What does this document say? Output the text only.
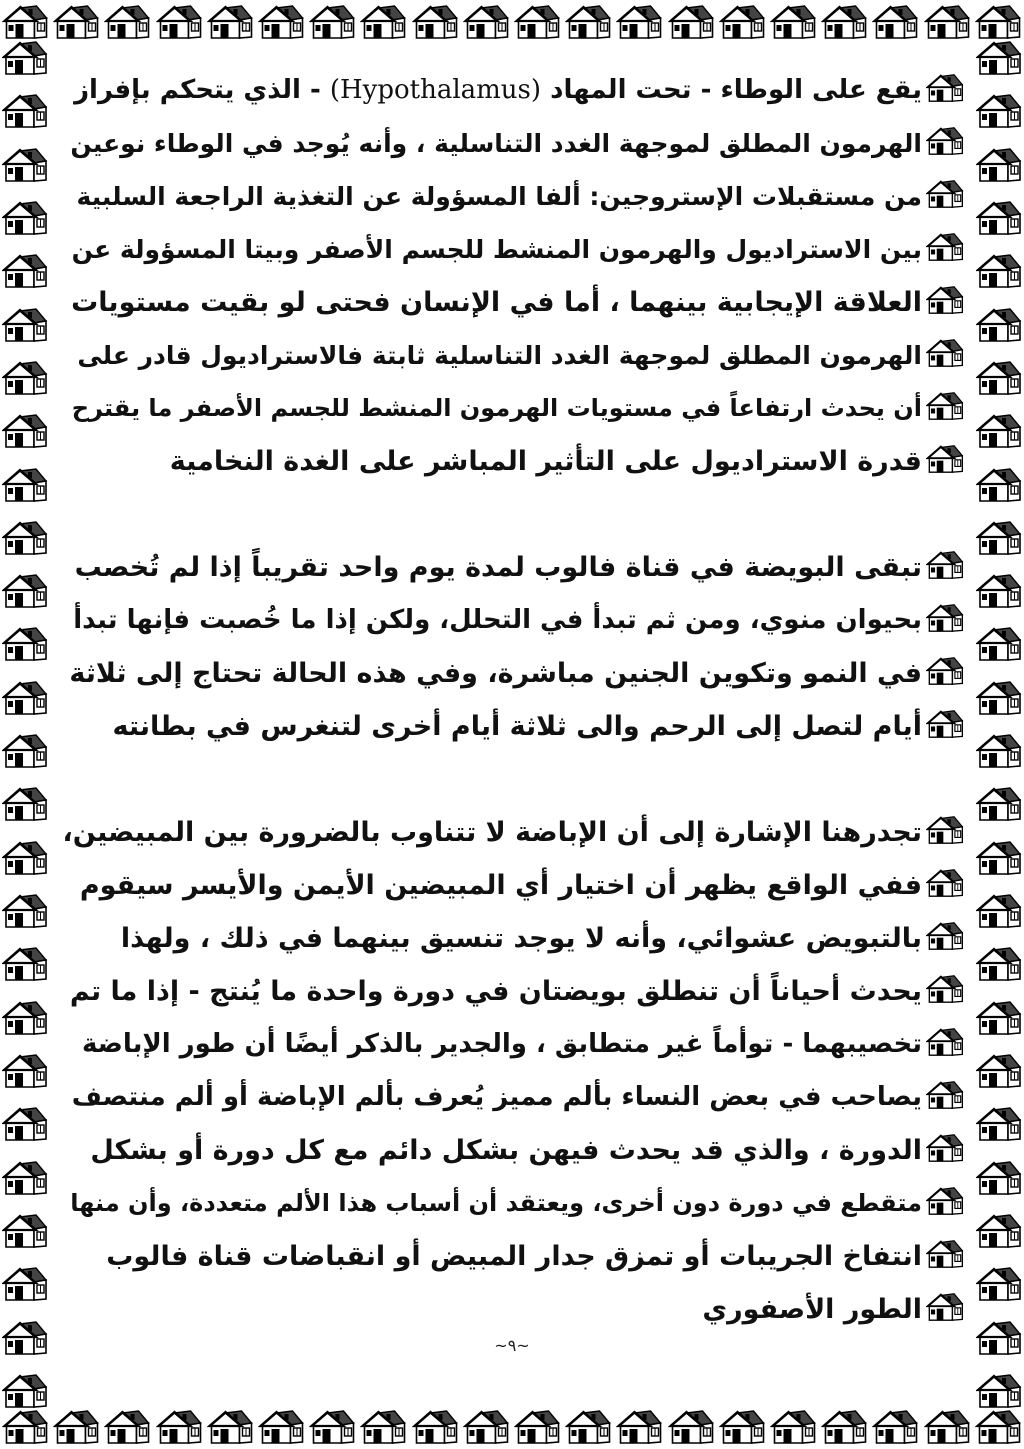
يقع على الوطاء - تحت المهاد (Hypothalamus) - الذي يتحكم بإفراز
الهرمون المطلق لموجهة الغدد التناسلية ، وأنه يُوجد في الوطاء نوعين
من مستقبلات الإستروجين: ألفا المسؤولة عن التغذية الراجعة السلبية
بين الاستراديول والهرمون المنشط للجسم الأصفر وبيتا المسؤولة عن
العلاقة الإيجابية بينهما ، أما في الإنسان فحتى لو بقيت مستويات
الهرمون المطلق لموجهة الغدد التناسلية ثابتة فالاستراديول قادر على
أن يحدث ارتفاعاً في مستويات الهرمون المنشط للجسم الأصفر ما يقترح
قدرة الاستراديول على التأثير المباشر على الغدة النخامية
تبقى البويضة في قناة فالوب لمدة يوم واحد تقريباً إذا لم تُخصب
بحيوان منوي، ومن ثم تبدأ في التحلل، ولكن إذا ما خُصبت فإنها تبدأ
في النمو وتكوين الجنين مباشرة، وفي هذه الحالة تحتاج إلى ثلاثة
أيام لتصل إلى الرحم والى ثلاثة أيام أخرى لتنغرس في بطانته
تجدرهنا الإشارة إلى أن الإباضة لا تتناوب بالضرورة بين المبيضين،
ففي الواقع يظهر أن اختيار أي المبيضين الأيمن والأيسر سيقوم
بالتبويض عشوائي، وأنه لا يوجد تنسيق بينهما في ذلك ، ولهذا
يحدث أحياناً أن تنطلق بويضتان في دورة واحدة ما يُنتج - إذا ما تم
تخصيبهما - توأماً غير متطابق ، والجدير بالذكر أيضًا أن طور الإباضة
يصاحب في بعض النساء بألم مميز يُعرف بألم الإباضة أو ألم منتصف
الدورة ، والذي قد يحدث فيهن بشكل دائم مع كل دورة أو بشكل
متقطع في دورة دون أخرى، ويعتقد أن أسباب هذا الألم متعددة، وأن منها
انتفاخ الجريبات أو تمزق جدار المبيض أو انقباضات قناة فالوب
الطور الأصفوري
~٩~
